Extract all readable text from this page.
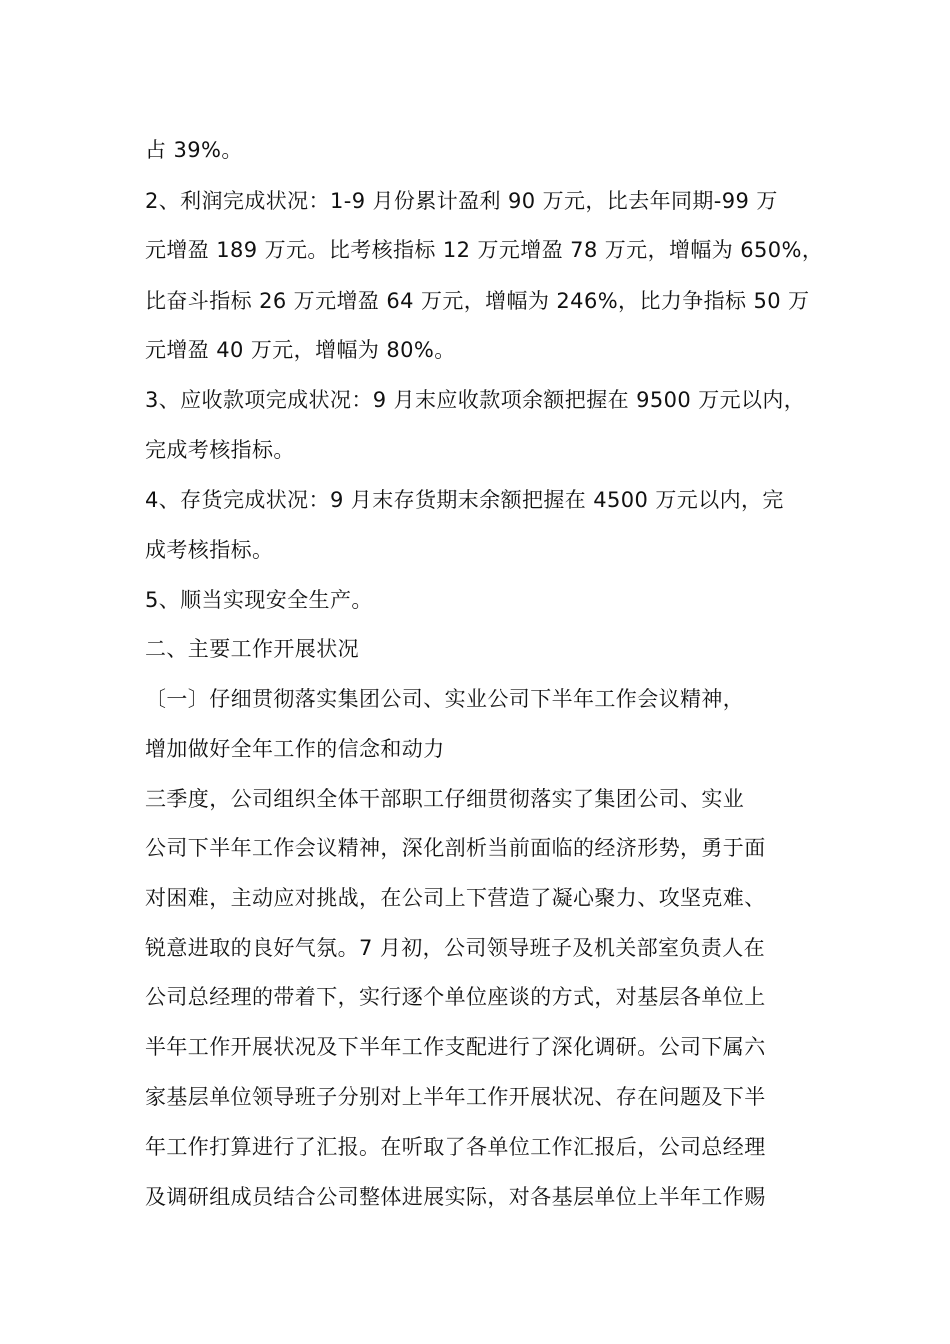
占 39%。
2、利润完成状况：1-9 月份累计盈利 90 万元，比去年同期-99 万
元增盈 189 万元。比考核指标 12 万元增盈 78 万元，增幅为 650%，
比奋斗指标 26 万元增盈 64 万元，增幅为 246%，比力争指标 50 万
元增盈 40 万元，增幅为 80%。
3、应收款项完成状况：9 月末应收款项余额把握在 9500 万元以内，
完成考核指标。
4、存货完成状况：9 月末存货期末余额把握在 4500 万元以内，完
成考核指标。
5、顺当实现安全生产。
二、主要工作开展状况
〔一〕仔细贯彻落实集团公司、实业公司下半年工作会议精神，
增加做好全年工作的信念和动力
三季度，公司组织全体干部职工仔细贯彻落实了集团公司、实业
公司下半年工作会议精神，深化剖析当前面临的经济形势，勇于面
对困难，主动应对挑战，在公司上下营造了凝心聚力、攻坚克难、
锐意进取的良好气氛。7 月初，公司领导班子及机关部室负责人在
公司总经理的带着下，实行逐个单位座谈的方式，对基层各单位上
半年工作开展状况及下半年工作支配进行了深化调研。公司下属六
家基层单位领导班子分别对上半年工作开展状况、存在问题及下半
年工作打算进行了汇报。在听取了各单位工作汇报后，公司总经理
及调研组成员结合公司整体进展实际，对各基层单位上半年工作赐
